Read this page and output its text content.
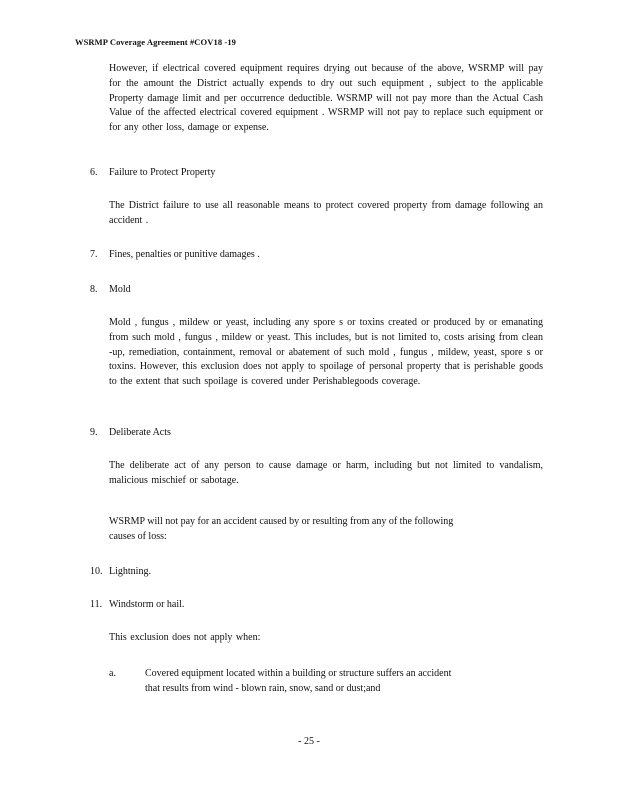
WSRMP Coverage Agreement #COV18 -19
However, if electrical covered equipment requires drying out because of the above, WSRMP will pay for the amount the District actually expends to dry out such equipment , subject to the applicable Property damage limit and per occurrence deductible. WSRMP will not pay more than the Actual Cash Value of the affected electrical covered equipment . WSRMP will not pay to replace such equipment or for any other loss, damage or expense.
6. Failure to Protect Property
The District failure to use all reasonable means to protect covered property from damage following an accident .
7. Fines, penalties or punitive damages .
8. Mold
Mold , fungus , mildew or yeast, including any spore s or toxins created or produced by or emanating from such mold , fungus , mildew or yeast. This includes, but is not limited to, costs arising from clean -up, remediation, containment, removal or abatement of such mold , fungus , mildew, yeast, spore s or toxins. However, this exclusion does not apply to spoilage of personal property that is perishable goods to the extent that such spoilage is covered under Perishablegoods coverage.
9. Deliberate Acts
The deliberate act of any person to cause damage or harm, including but not limited to vandalism, malicious mischief or sabotage.
WSRMP will not pay for an accident caused by or resulting from any of the following
causes of loss:
10. Lightning.
11. Windstorm or hail.
This exclusion does not apply when:
a.	Covered equipment located within a building or structure suffers an accident
that results from wind - blown rain, snow, sand or dust;and
- 25 -
